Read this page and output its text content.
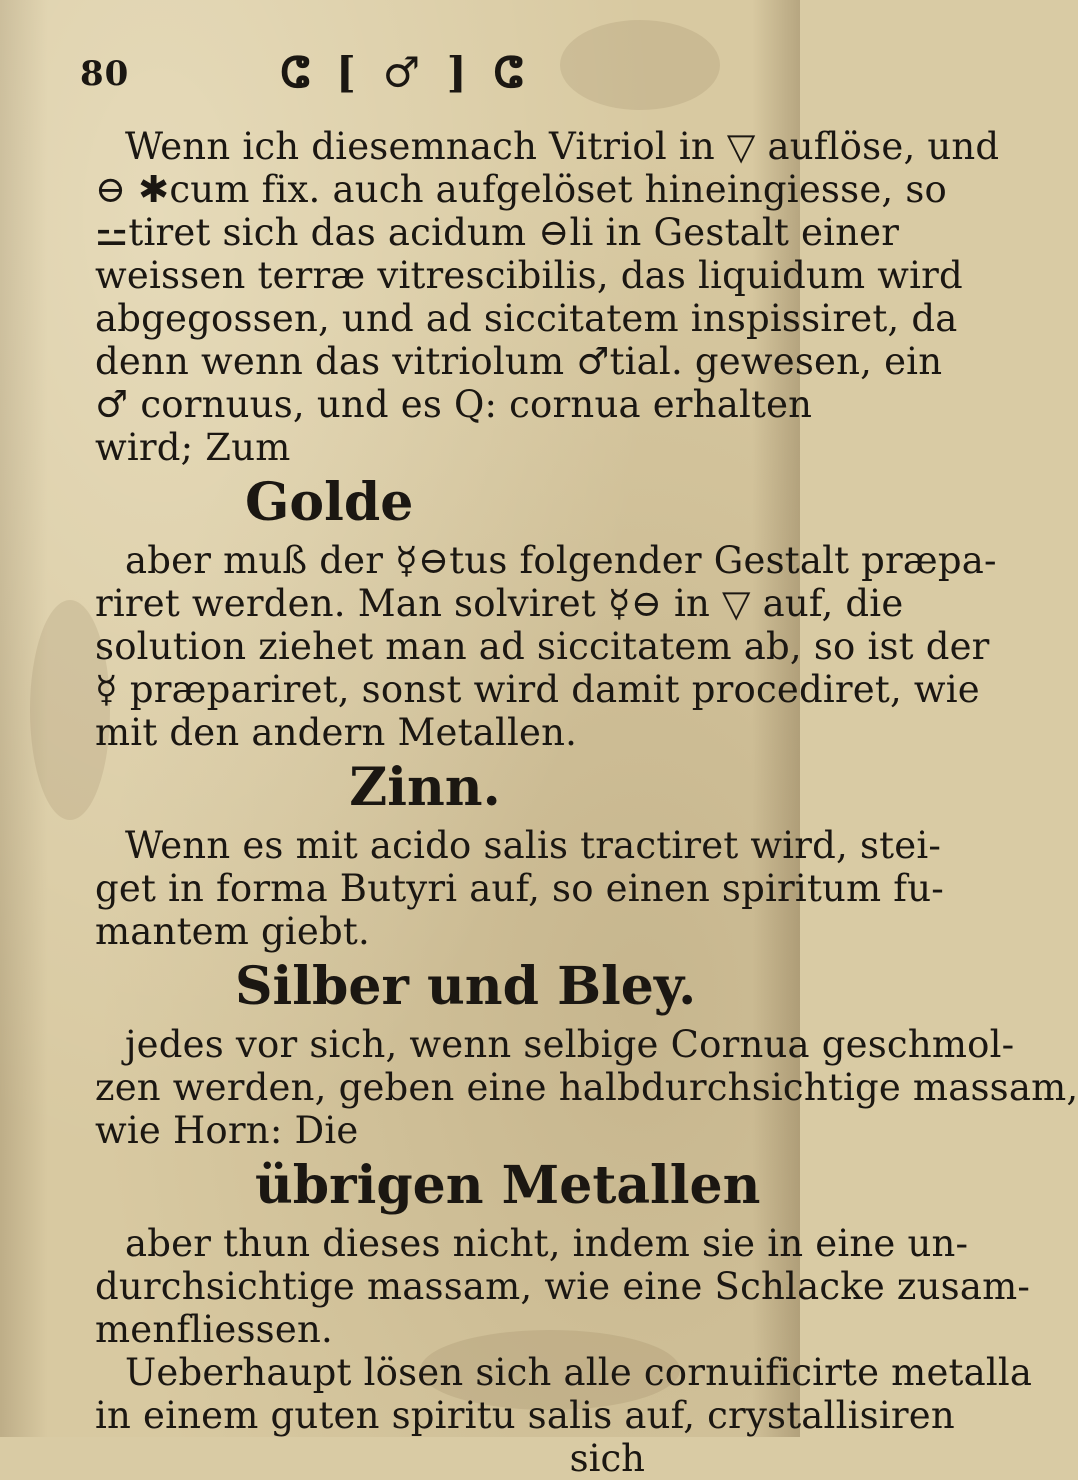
80	ⵛ [ ♂ ] ⵛ
Wenn ich diesemnach Vitriol in ▽ auflöse, und
⊖ ✱cum fix. auch aufgelöset hineingiesse, so
⚍tiret sich das acidum ⊖li in Gestalt einer
weissen terræ vitrescibilis, das liquidum wird
abgegossen, und ad siccitatem inspissiret, da
denn wenn das vitriolum ♂tial. gewesen, ein
♂ cornuus, und es Q: cornua erhalten
wird; Zum
Golde
aber muß der ☿⊖tus folgender Gestalt præpa-
riret werden. Man solviret ☿⊖ in ▽ auf, die
solution ziehet man ad siccitatem ab, so ist der
☿ præpariret, sonst wird damit procediret, wie
mit den andern Metallen.
Zinn.
Wenn es mit acido salis tractiret wird, stei-
get in forma Butyri auf, so einen spiritum fu-
mantem giebt.
Silber und Bley.
jedes vor sich, wenn selbige Cornua geschmol-
zen werden, geben eine halbdurchsichtige massam,
wie Horn: Die
übrigen Metallen
aber thun dieses nicht, indem sie in eine un-
durchsichtige massam, wie eine Schlacke zusam-
menfliessen.
Ueberhaupt lösen sich alle cornuificirte metalla
in einem guten spiritu salis auf, crystallisiren
sich
